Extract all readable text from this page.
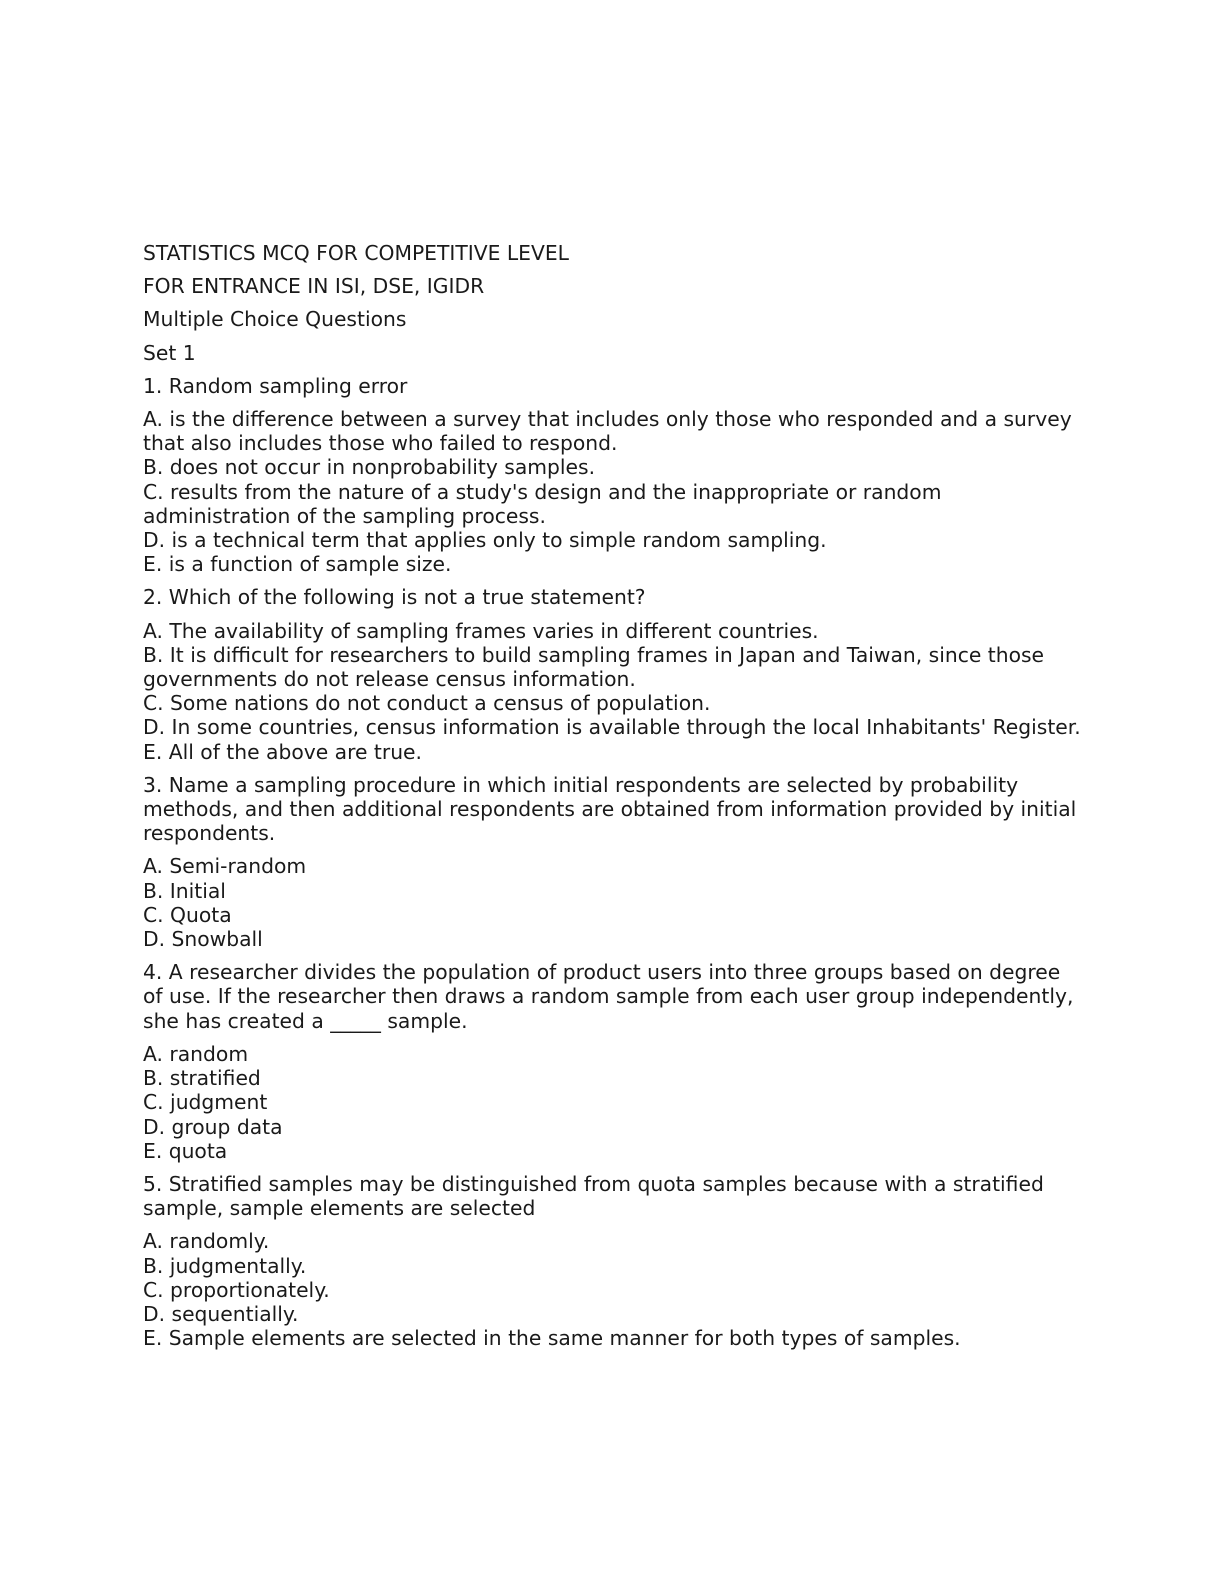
STATISTICS MCQ FOR COMPETITIVE LEVEL

FOR ENTRANCE IN ISI, DSE, IGIDR

Multiple Choice Questions

Set 1

1. Random sampling error

A. is the difference between a survey that includes only those who responded and a survey that also includes those who failed to respond.
B. does not occur in nonprobability samples.
C. results from the nature of a study's design and the inappropriate or random administration of the sampling process.
D. is a technical term that applies only to simple random sampling.
E. is a function of sample size.

2. Which of the following is not a true statement?

A. The availability of sampling frames varies in different countries.
B. It is difficult for researchers to build sampling frames in Japan and Taiwan, since those governments do not release census information.
C. Some nations do not conduct a census of population.
D. In some countries, census information is available through the local Inhabitants' Register.
E. All of the above are true.

3. Name a sampling procedure in which initial respondents are selected by probability methods, and then additional respondents are obtained from information provided by initial respondents.

A. Semi-random
B. Initial
C. Quota
D. Snowball

4. A researcher divides the population of product users into three groups based on degree of use. If the researcher then draws a random sample from each user group independently, she has created a _____ sample.

A. random
B. stratified
C. judgment
D. group data
E. quota

5. Stratified samples may be distinguished from quota samples because with a stratified sample, sample elements are selected

A. randomly.
B. judgmentally.
C. proportionately.
D. sequentially.
E. Sample elements are selected in the same manner for both types of samples.
